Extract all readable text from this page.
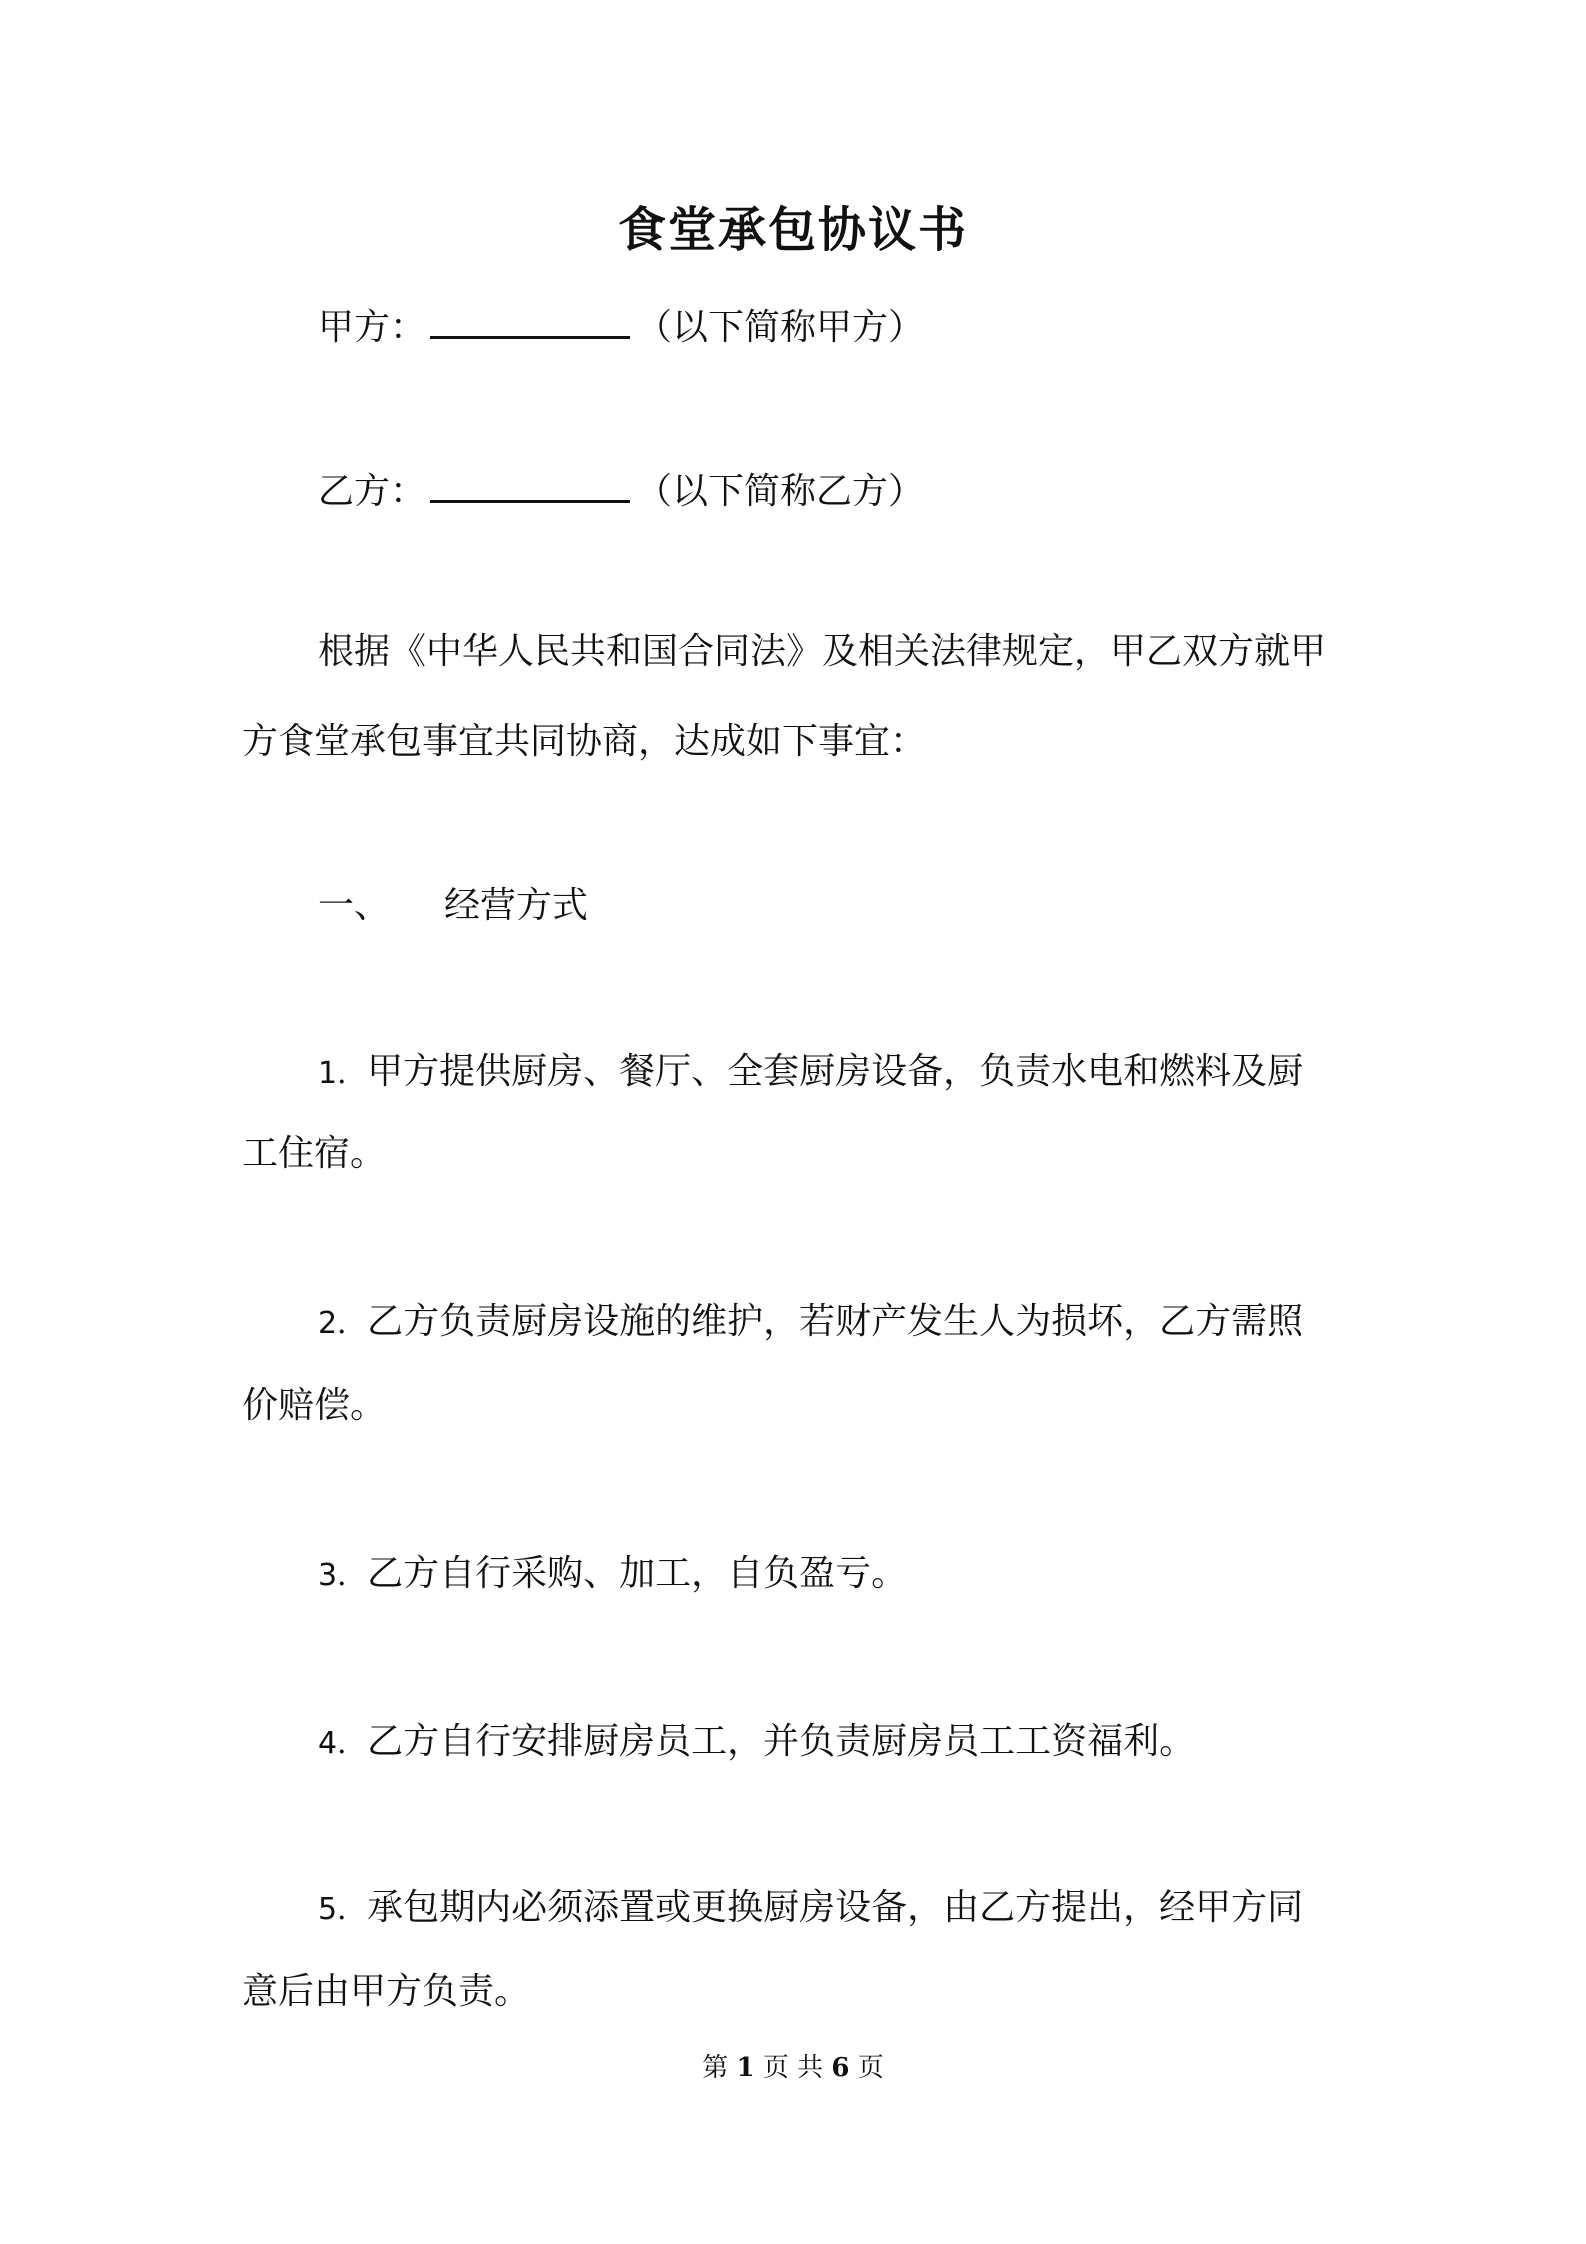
食堂承包协议书
甲方：	（以下简称甲方）
乙方：	（以下简称乙方）
根据《中华人民共和国合同法》及相关法律规定，甲乙双方就甲
方食堂承包事宜共同协商，达成如下事宜：
一、 经营方式
1．甲方提供厨房、餐厅、全套厨房设备，负责水电和燃料及厨
工住宿。
2．乙方负责厨房设施的维护，若财产发生人为损坏，乙方需照
价赔偿。
3．乙方自行采购、加工，自负盈亏。
4．乙方自行安排厨房员工，并负责厨房员工工资福利。
5．承包期内必须添置或更换厨房设备，由乙方提出，经甲方同
意后由甲方负责。
第 1 页 共 6 页
